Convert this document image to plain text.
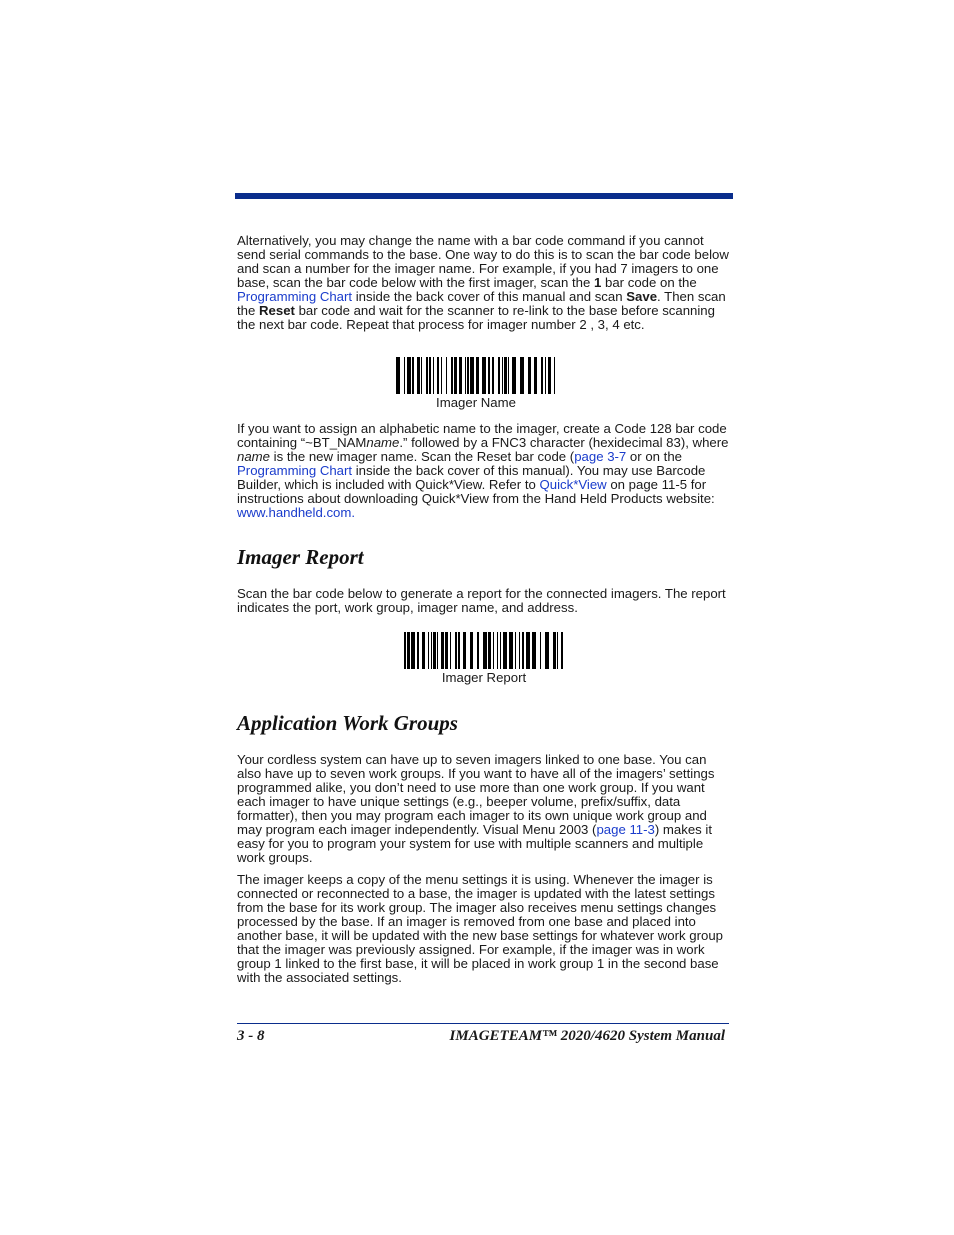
Alternatively, you may change the name with a bar code command if you cannot send serial commands to the base. One way to do this is to scan the bar code below and scan a number for the imager name. For example, if you had 7 imagers to one base, scan the bar code below with the first imager, scan the 1 bar code on the Programming Chart inside the back cover of this manual and scan Save. Then scan the Reset bar code and wait for the scanner to re-link to the base before scanning the next bar code. Repeat that process for imager number 2 , 3, 4 etc.

Imager Name

If you want to assign an alphabetic name to the imager, create a Code 128 bar code containing “~BT_NAMname.” followed by a FNC3 character (hexidecimal 83), where name is the new imager name. Scan the Reset bar code (page 3-7 or on the Programming Chart inside the back cover of this manual). You may use Barcode Builder, which is included with Quick*View. Refer to Quick*View on page 11-5 for instructions about downloading Quick*View from the Hand Held Products website: www.handheld.com.

Imager Report

Scan the bar code below to generate a report for the connected imagers. The report indicates the port, work group, imager name, and address.

Imager Report

Application Work Groups

Your cordless system can have up to seven imagers linked to one base. You can also have up to seven work groups. If you want to have all of the imagers’ settings programmed alike, you don’t need to use more than one work group. If you want each imager to have unique settings (e.g., beeper volume, prefix/suffix, data formatter), then you may program each imager to its own unique work group and may program each imager independently. Visual Menu 2003 (page 11-3) makes it easy for you to program your system for use with multiple scanners and multiple work groups.

The imager keeps a copy of the menu settings it is using. Whenever the imager is connected or reconnected to a base, the imager is updated with the latest settings from the base for its work group. The imager also receives menu settings changes processed by the base. If an imager is removed from one base and placed into another base, it will be updated with the new base settings for whatever work group that the imager was previously assigned. For example, if the imager was in work group 1 linked to the first base, it will be placed in work group 1 in the second base with the associated settings.

3 - 8	IMAGETEAM™ 2020/4620 System Manual
